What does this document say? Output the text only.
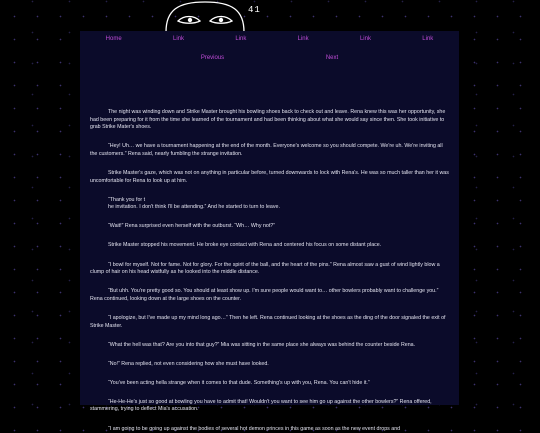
41
Home	Link	Link	Link	Link	Link
Previous	Next

The night was winding down and Strike Master brought his bowling shoes back to check out and leave. Rena knew this was her opportunity, she had been preparing for it from the time she learned of the tournament and had been thinking about what she would say since then. She took initiative to grab Strike Mater's shoes.

“Hey! Uh… we have a tournament happening at the end of the month. Everyone's welcome so you should compete. We're uh. We're inviting all the customers.” Rena said, nearly fumbling the strange invitation.

Strike Master's gaze, which was not on anything in particular before, turned downwards to lock with Rena's. He was so much taller than her it was uncomfortable for Rena to look up at him.

“Thank you for t

he invitation. I don't think I'll be attending.” And he started to turn to leave.

“Wait!” Rena surprised even herself with the outburst. “Wh… Why not?”

Strike Master stopped his movement. He broke eye contact with Rena and centered his focus on some distant place.

“I bowl for myself. Not for fame. Not for glory. For the spirit of the ball, and the heart of the pins.” Rena almost saw a gust of wind lightly blow a clump of hair on his head wistfully as he looked into the middle distance.

“But uhh. You're pretty good so. You should at least show up. I'm sure people would want to… other bowlers probably want to challenge you.” Rena continued, looking down at the large shoes on the counter.

“I apologize, but I've made up my mind long ago…” Then he left. Rena continued looking at the shoes as the ding of the door signaled the exit of Strike Master.

“What the hell was that? Are you into that guy?” Mia was sitting in the same place she always was behind the counter beside Rena.

“No!” Rena replied, not even considering how she must have looked.

“You've been acting hella strange when it comes to that dude. Something's up with you, Rena. You can't hide it.”

“He-He-He's just so good at bowling you have to admit that! Wouldn't you want to see him go up against the other bowlers?” Rena offered, stammering, trying to deflect Mia's accusation.

“I am going to be going up against the bodies of several hot demon princes in this game as soon as the new event drops and
